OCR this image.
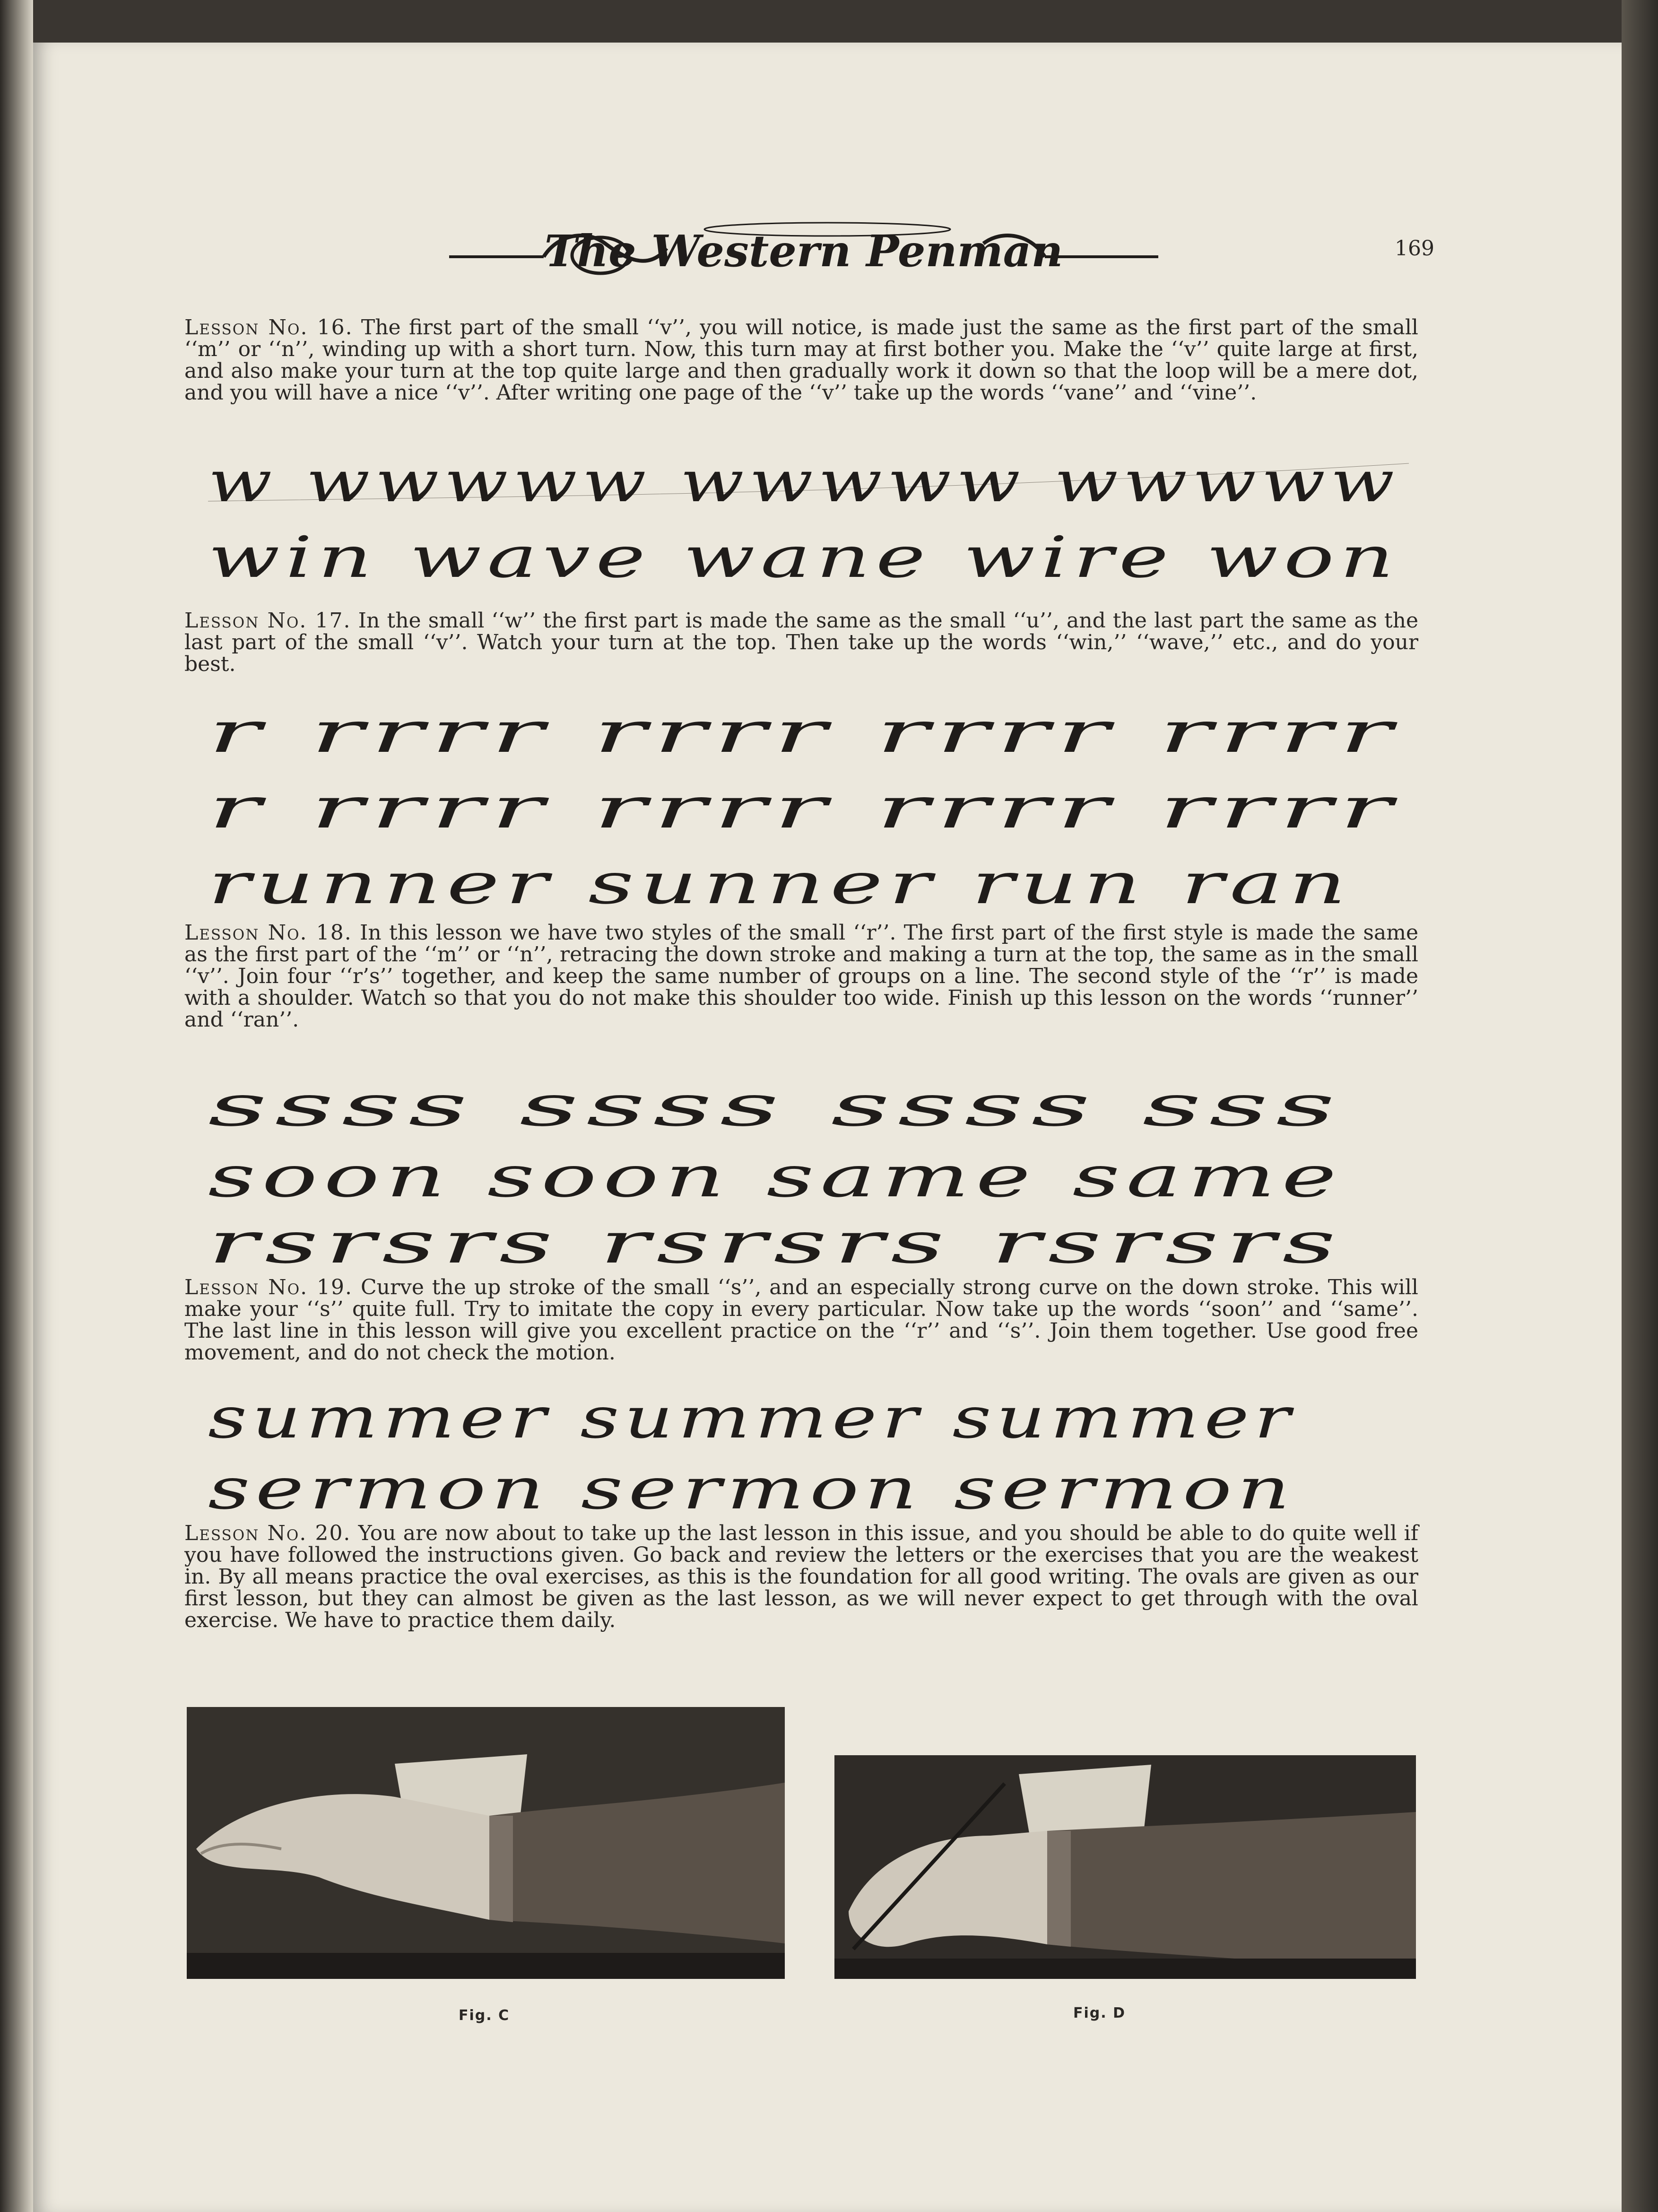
The Western Penman	169

Lesson No. 16. The first part of the small ‘‘v’’, you will notice, is made just the same as the first part of the small ‘‘m’’ or ‘‘n’’, winding up with a short turn. Now, this turn may at first bother you. Make the ‘‘v’’ quite large at first, and also make your turn at the top quite large and then gradually work it down so that the loop will be a mere dot, and you will have a nice ‘‘v’’. After writing one page of the ‘‘v’’ take up the words ‘‘vane’’ and ‘‘vine’’.

w wwwww wwwww wwwww
win wave wane wire won

Lesson No. 17. In the small ‘‘w’’ the first part is made the same as the small ‘‘u’’, and the last part the same as the last part of the small ‘‘v’’. Watch your turn at the top. Then take up the words ‘‘win,’’ ‘‘wave,’’ etc., and do your best.

r rrrr rrrr rrrr rrrr
r rrrr rrrr rrrr rrrr
runner sunner run ran

Lesson No. 18. In this lesson we have two styles of the small ‘‘r’’. The first part of the first style is made the same as the first part of the ‘‘m’’ or ‘‘n’’, retracing the down stroke and making a turn at the top, the same as in the small ‘‘v’’. Join four ‘‘r’s’’ together, and keep the same number of groups on a line. The second style of the ‘‘r’’ is made with a shoulder. Watch so that you do not make this shoulder too wide. Finish up this lesson on the words ‘‘runner’’ and ‘‘ran’’.

ssss ssss ssss sss
soon soon same same
rsrsrs rsrsrs rsrsrs

Lesson No. 19. Curve the up stroke of the small ‘‘s’’, and an especially strong curve on the down stroke. This will make your ‘‘s’’ quite full. Try to imitate the copy in every particular. Now take up the words ‘‘soon’’ and ‘‘same’’. The last line in this lesson will give you excellent practice on the ‘‘r’’ and ‘‘s’’. Join them together. Use good free movement, and do not check the motion.

summer summer summer
sermon sermon sermon

Lesson No. 20. You are now about to take up the last lesson in this issue, and you should be able to do quite well if you have followed the instructions given. Go back and review the letters or the exercises that you are the weakest in. By all means practice the oval exercises, as this is the foundation for all good writing. The ovals are given as our first lesson, but they can almost be given as the last lesson, as we will never expect to get through with the oval exercise. We have to practice them daily.

Fig. C	Fig. D
